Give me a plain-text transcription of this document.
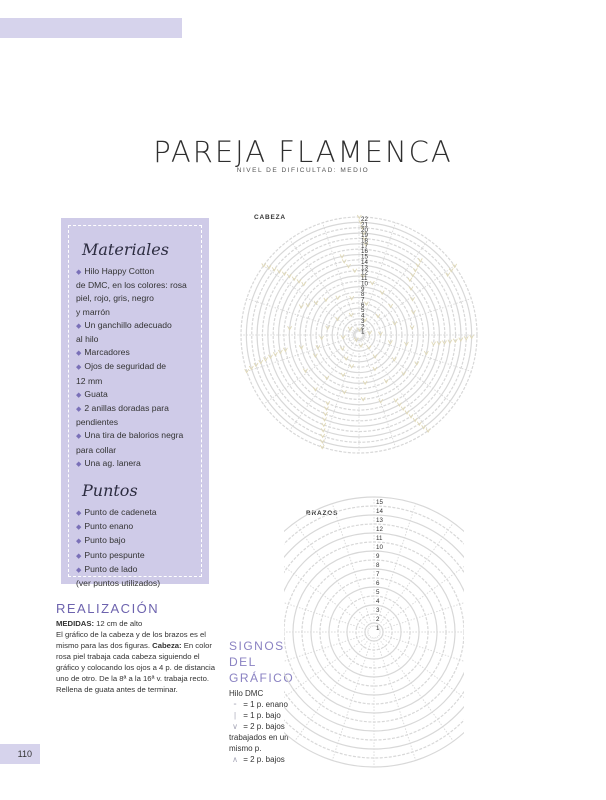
PAREJA FLAMENCA
NIVEL DE DIFICULTAD: MEDIO
Materiales
◆ Hilo Happy Cotton
de DMC, en los colores: rosa
piel, rojo, gris, negro
y marrón
◆ Un ganchillo adecuado
al hilo
◆ Marcadores
◆ Ojos de seguridad de
12 mm
◆ Guata
◆ 2 anillas doradas para
pendientes
◆ Una tira de balorios negra
para collar
◆ Una ag. lanera
Puntos
◆ Punto de cadeneta
◆ Punto enano
◆ Punto bajo
◆ Punto pespunte
◆ Punto de lado
(ver puntos utilizados)
REALIZACIÓN
MEDIDAS: 12 cm de alto
El gráfico de la cabeza y de los brazos es el mismo para las dos figuras. Cabeza: En color rosa piel trabaja cada cabeza siguiendo el gráfico y colocando los ojos a 4 p. de distancia uno de otro. De la 8ª a la 16ª v. trabaja recto. Rellena de guata antes de terminar.
SIGNOS
DEL
GRÁFICO
Hilo DMC
⁃ = 1 p. enano
| = 1 p. bajo
∨ = 2 p. bajos trabajados en un mismo p.
∧ = 2 p. bajos
CABEZA
1
2
3
4
5
6
7
8
9
10
11
12
13
14
15
16
17
18
19
20
21
22
BRAZOS
1
2
3
4
5
6
7
8
9
10
11
12
13
14
15
110
